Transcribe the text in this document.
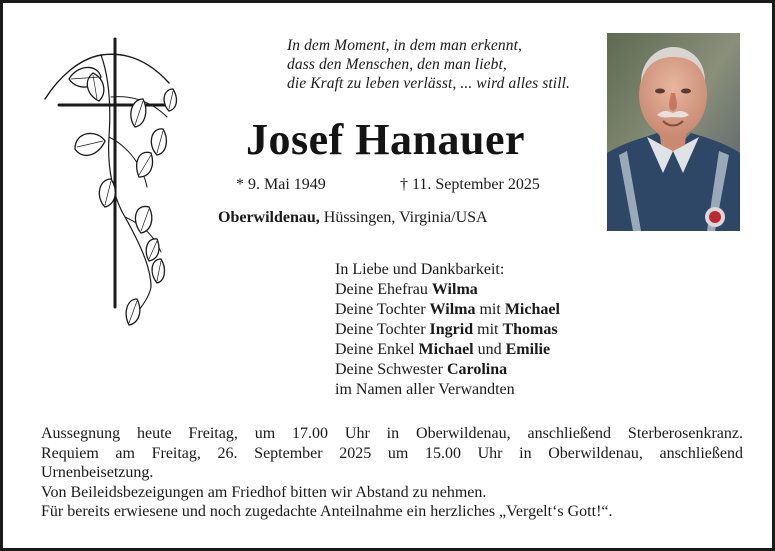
In dem Moment, in dem man erkennt,
dass den Menschen, den man liebt,
die Kraft zu leben verlässt, ... wird alles still.
Josef Hanauer
* 9. Mai 1949	† 11. September 2025
Oberwildenau, Hüssingen, Virginia/USA
In Liebe und Dankbarkeit:
Deine Ehefrau Wilma
Deine Tochter Wilma mit Michael
Deine Tochter Ingrid mit Thomas
Deine Enkel Michael und Emilie
Deine Schwester Carolina
im Namen aller Verwandten
Aussegnung heute Freitag, um 17.00 Uhr in Oberwildenau, anschließend Sterberosenkranz.
Requiem am Freitag, 26. September 2025 um 15.00 Uhr in Oberwildenau, anschließend
Urnenbeisetzung.
Von Beileidsbezeigungen am Friedhof bitten wir Abstand zu nehmen.
Für bereits erwiesene und noch zugedachte Anteilnahme ein herzliches „Vergelt‘s Gott!“.
